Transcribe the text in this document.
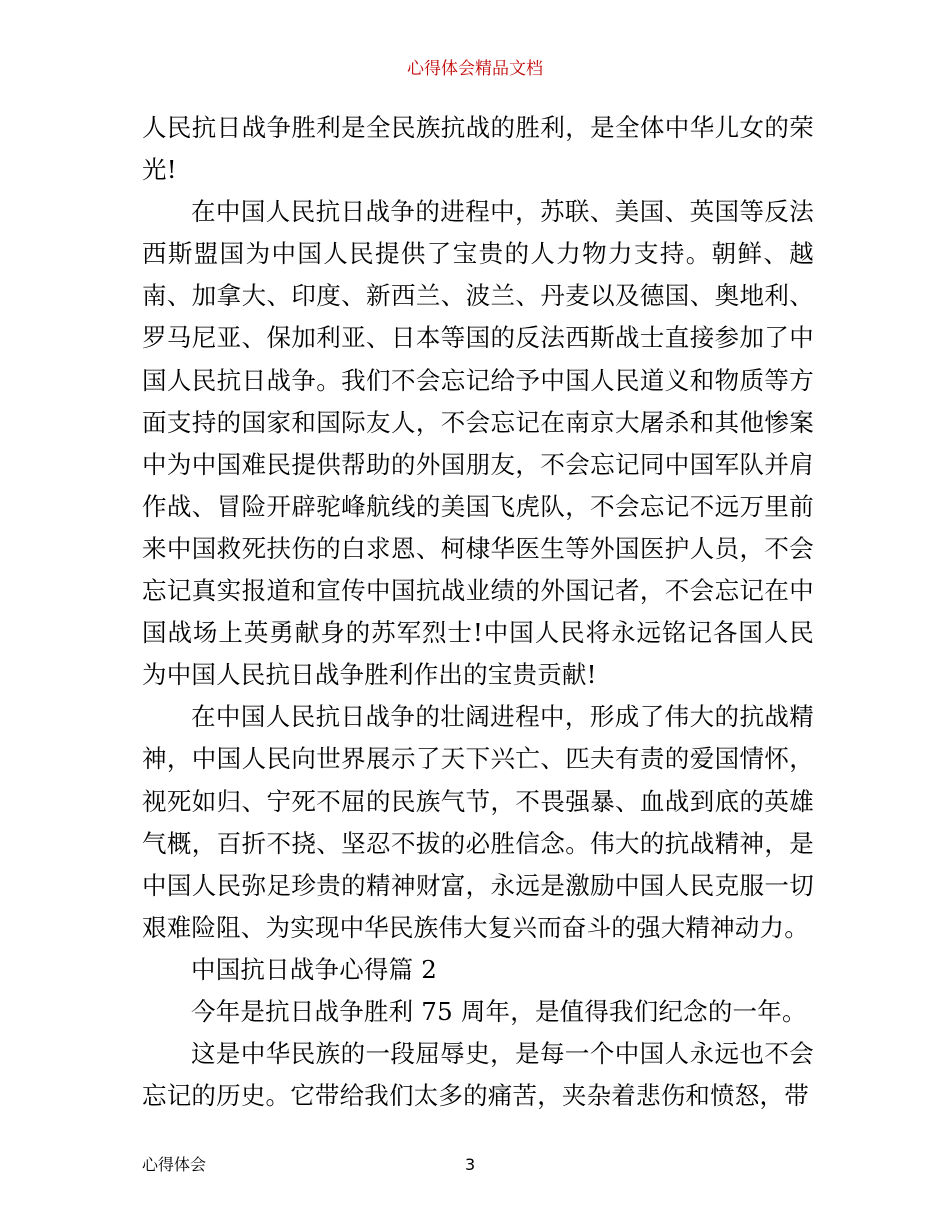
心得体会精品文档

人民抗日战争胜利是全民族抗战的胜利，是全体中华儿女的荣光!

在中国人民抗日战争的进程中，苏联、美国、英国等反法西斯盟国为中国人民提供了宝贵的人力物力支持。朝鲜、越南、加拿大、印度、新西兰、波兰、丹麦以及德国、奥地利、罗马尼亚、保加利亚、日本等国的反法西斯战士直接参加了中国人民抗日战争。我们不会忘记给予中国人民道义和物质等方面支持的国家和国际友人，不会忘记在南京大屠杀和其他惨案中为中国难民提供帮助的外国朋友，不会忘记同中国军队并肩作战、冒险开辟驼峰航线的美国飞虎队，不会忘记不远万里前来中国救死扶伤的白求恩、柯棣华医生等外国医护人员，不会忘记真实报道和宣传中国抗战业绩的外国记者，不会忘记在中国战场上英勇献身的苏军烈士!中国人民将永远铭记各国人民为中国人民抗日战争胜利作出的宝贵贡献!

在中国人民抗日战争的壮阔进程中，形成了伟大的抗战精神，中国人民向世界展示了天下兴亡、匹夫有责的爱国情怀，视死如归、宁死不屈的民族气节，不畏强暴、血战到底的英雄气概，百折不挠、坚忍不拔的必胜信念。伟大的抗战精神，是中国人民弥足珍贵的精神财富，永远是激励中国人民克服一切艰难险阻、为实现中华民族伟大复兴而奋斗的强大精神动力。

中国抗日战争心得篇 2

今年是抗日战争胜利 75 周年，是值得我们纪念的一年。

这是中华民族的一段屈辱史，是每一个中国人永远也不会忘记的历史。它带给我们太多的痛苦，夹杂着悲伤和愤怒，带

心得体会	3
